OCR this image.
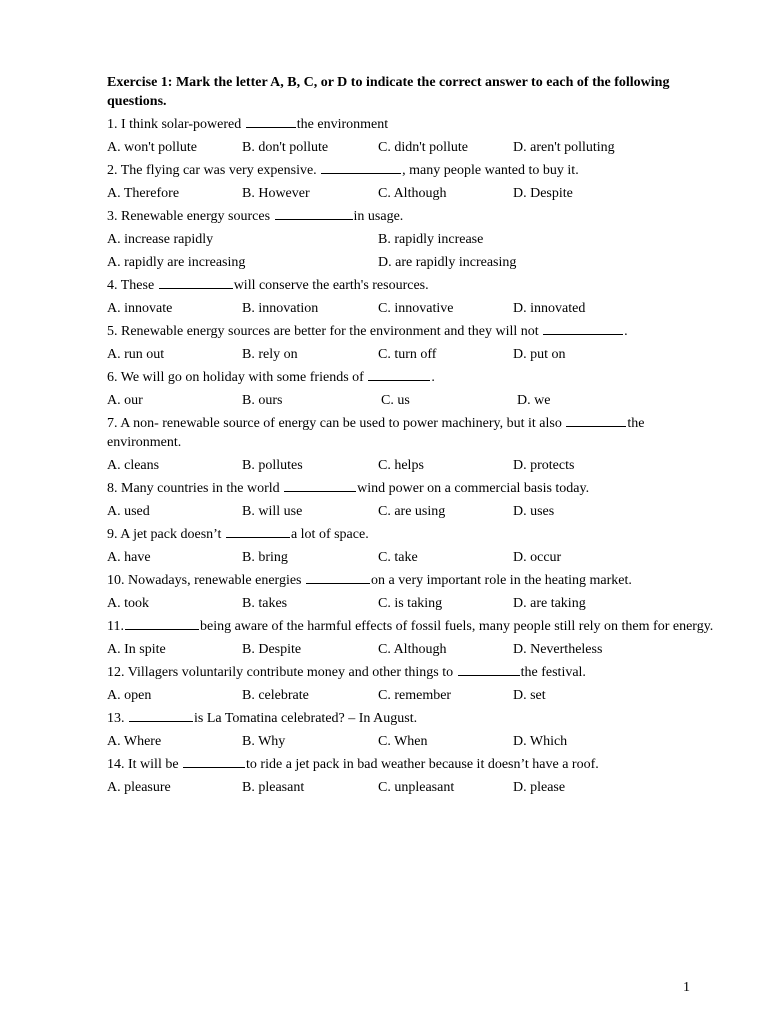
Exercise 1: Mark the letter A, B, C, or D to indicate the correct answer to each of the following questions.
1. I think solar-powered	the environment
A. won't pollute	B. don't pollute	C. didn't pollute	D. aren't polluting
2. The flying car was very expensive.	, many people wanted to buy it.
A. Therefore	B. However	C. Although	D. Despite
3. Renewable energy sources	in usage.
A. increase rapidly	B. rapidly increase
A. rapidly are increasing	D. are rapidly increasing
4. These	will conserve the earth's resources.
A. innovate	B. innovation	C. innovative	D. innovated
5. Renewable energy sources are better for the environment and they will not	.
A. run out	B. rely on	C. turn off	D. put on
6. We will go on holiday with some friends of	.
A. our	B. ours	C. us	D. we
7. A non- renewable source of energy can be used to power machinery, but it also	the environment.
A. cleans	B. pollutes	C. helps	D. protects
8. Many countries in the world	wind power on a commercial basis today.
A. used	B. will use	C. are using	D. uses
9. A jet pack doesn’t	a lot of space.
A. have	B. bring	C. take	D. occur
10. Nowadays, renewable energies	on a very important role in the heating market.
A. took	B. takes	C. is taking	D. are taking
11.	being aware of the harmful effects of fossil fuels, many people still rely on them for energy.
A. In spite	B. Despite	C. Although	D. Nevertheless
12. Villagers voluntarily contribute money and other things to	the festival.
A. open	B. celebrate	C. remember	D. set
13.	is La Tomatina celebrated? – In August.
A. Where	B. Why	C. When	D. Which
14. It will be	to ride a jet pack in bad weather because it doesn’t have a roof.
A. pleasure	B. pleasant	C. unpleasant	D. please
1
